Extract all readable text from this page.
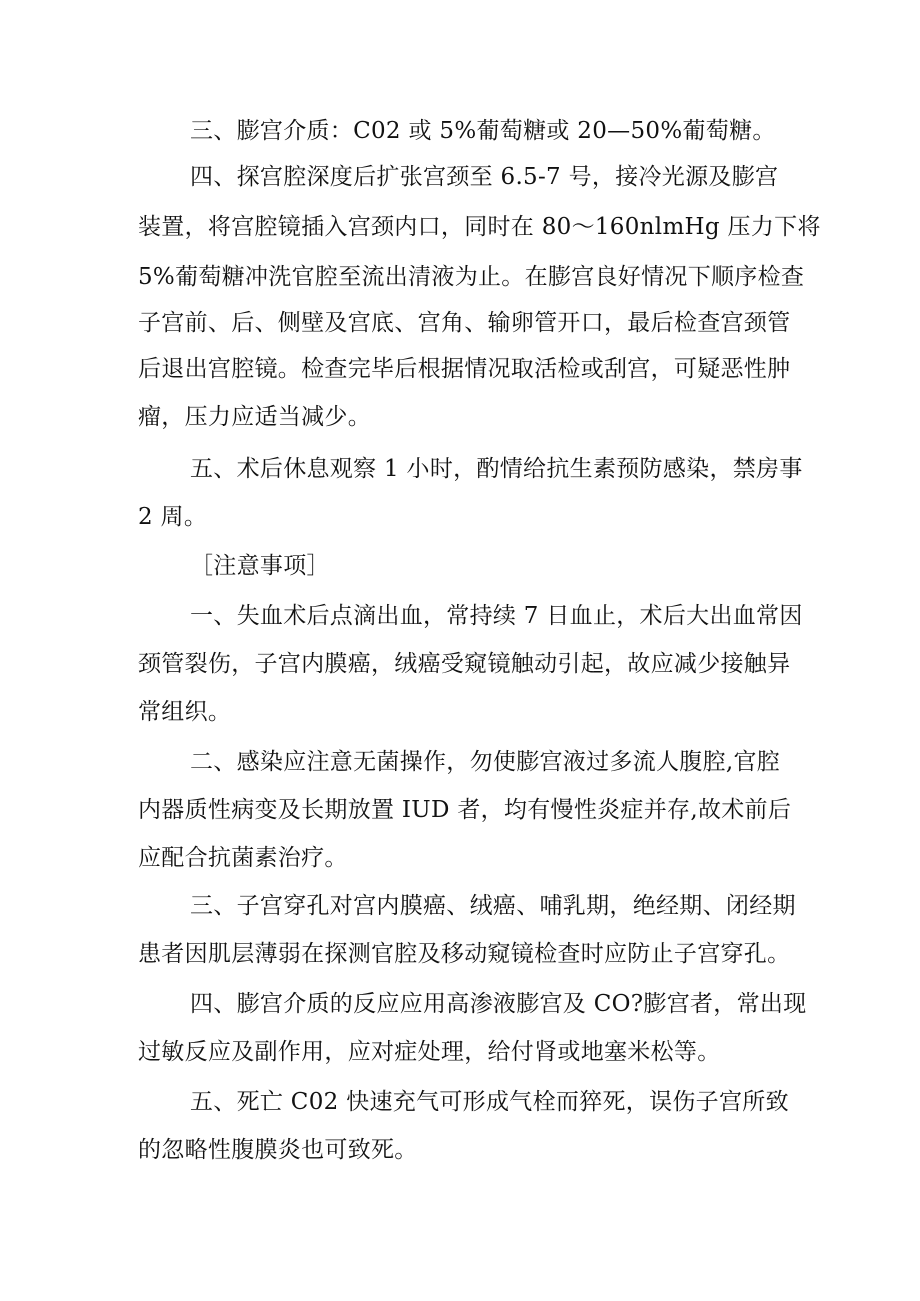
三、膨宫介质：C02 或 5%葡萄糖或 20—50%葡萄糖。
四、探宫腔深度后扩张宫颈至 6.5-7 号，接冷光源及膨宫
装置，将宫腔镜插入宫颈内口，同时在 80～160nlmHg 压力下将
5%葡萄糖冲洗官腔至流出清液为止。在膨宫良好情况下顺序检查
子宫前、后、侧壁及宫底、宫角、输卵管开口，最后检查宫颈管
后退出宫腔镜。检查完毕后根据情况取活检或刮宫，可疑恶性肿
瘤，压力应适当减少。
五、术后休息观察 1 小时，酌情给抗生素预防感染，禁房事
2 周。
［注意事项］
一、失血术后点滴出血，常持续 7 日血止，术后大出血常因
颈管裂伤，子宫内膜癌，绒癌受窥镜触动引起，故应减少接触异
常组织。
二、感染应注意无菌操作，勿使膨宫液过多流人腹腔,官腔
内器质性病变及长期放置 IUD 者，均有慢性炎症并存,故术前后
应配合抗菌素治疗。
三、子宫穿孔对宫内膜癌、绒癌、哺乳期，绝经期、闭经期
患者因肌层薄弱在探测官腔及移动窥镜检查时应防止子宫穿孔。
四、膨宫介质的反应应用高渗液膨宫及 CO?膨宫者，常出现
过敏反应及副作用，应对症处理，给付肾或地塞米松等。
五、死亡 C02 快速充气可形成气栓而猝死，误伤子宫所致
的忽略性腹膜炎也可致死。
